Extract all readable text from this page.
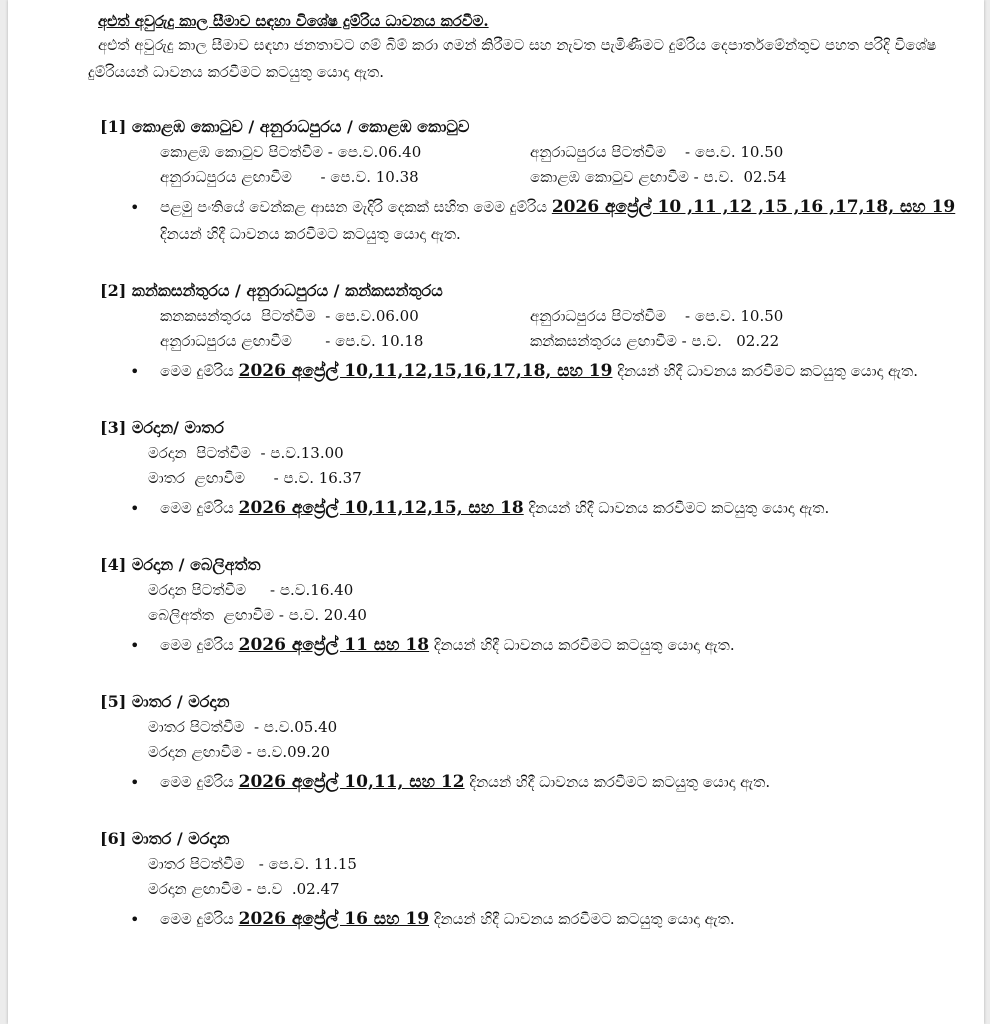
අළුත් අවුරුදු කාල සීමාව සඳහා විශේෂ දුම්රිය ධාවනය කරවීම.

අළුත් අවුරුදු කාල සීමාව සඳහා ජනතාවට ගම් බිම් කරා ගමන් කිරීමට සහ නැවත පැමිණීමට දුම්රිය දෙපාර්තමේන්තුව පහත පරිදි විශේෂ දුම්රියයන් ධාවනය කරවීමට කටයුතු යොදා ඇත.

[1] කොළඹ කොටුව / අනුරාධපුරය / කොළඹ කොටුව
කොළඹ කොටුව පිටත්වීම - පෙ.ව.06.40	අනුරාධපුරය පිටත්වීම    - පෙ.ව. 10.50
අනුරාධපුරය ළඟාවීම      - පෙ.ව. 10.38	කොළඹ කොටුව ළඟාවීම - ප.ව.  02.54
• පළමු පංතියේ වෙන්කළ ආසන මැදිරි දෙකක් සහිත මෙම දුම්රිය 2026 අප්‍රේල් 10 ,11 ,12 ,15 ,16 ,17,18, සහ 19 දිනයන් හිදී ධාවනය කරවීමට කටයුතු යොදා ඇත.
[2] කන්කසන්තුරය / අනුරාධපුරය / කන්කසන්තුරය
කනකසන්තුරය  පිටත්වීම  - පෙ.ව.06.00	අනුරාධපුරය පිටත්වීම    - පෙ.ව. 10.50
අනුරාධපුරය ළඟාවීම       - පෙ.ව. 10.18	කන්කසන්තුරය ළඟාවීම - ප.ව.   02.22
• මෙම දුම්රිය 2026 අප්‍රේල් 10,11,12,15,16,17,18, සහ 19 දිනයන් හිදී ධාවනය කරවීමට කටයුතු යොදා ඇත.
[3] මරදාන/ මාතර
මරදාන  පිටත්වීම  - ප.ව.13.00
මාතර  ළඟාවීම      - ප.ව. 16.37
• මෙම දුම්රිය 2026 අප්‍රේල් 10,11,12,15, සහ 18 දිනයන් හිදී ධාවනය කරවීමට කටයුතු යොදා ඇත.
[4] මරදාන / බෙලිඅත්ත
මරදාන පිටත්වීම     - ප.ව.16.40
බෙලිඅත්ත  ළඟාවීම - ප.ව. 20.40
• මෙම දුම්රිය 2026 අප්‍රේල් 11 සහ 18 දිනයන් හිදී ධාවනය කරවීමට කටයුතු යොදා ඇත.
[5] මාතර / මරදාන
මාතර පිටත්වීම  - ප.ව.05.40
මරදාන ළඟාවීම - ප.ව.09.20
• මෙම දුම්රිය 2026 අප්‍රේල් 10,11, සහ 12 දිනයන් හිදී ධාවනය කරවීමට කටයුතු යොදා ඇත.
[6] මාතර / මරදාන
මාතර පිටත්වීම   - පෙ.ව. 11.15
මරදාන ළඟාවීම - ප.ව  .02.47
• මෙම දුම්රිය 2026 අප්‍රේල් 16 සහ 19 දිනයන් හිදී ධාවනය කරවීමට කටයුතු යොදා ඇත.
